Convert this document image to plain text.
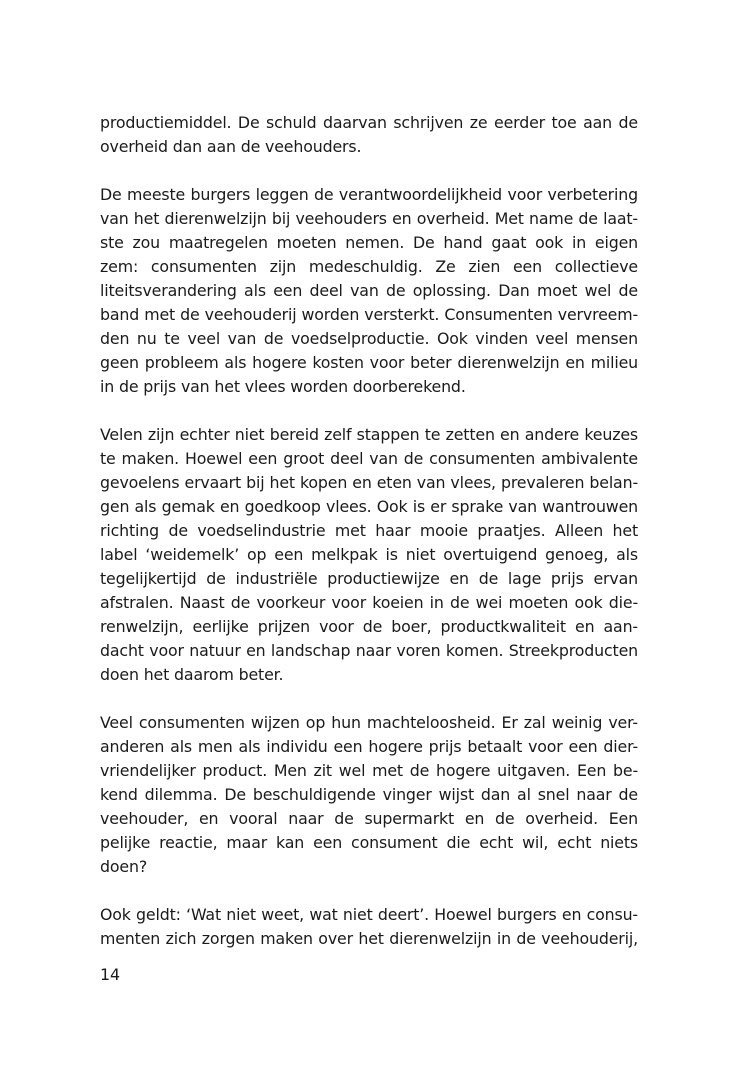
productiemiddel. De schuld daarvan schrijven ze eerder toe aan de
overheid dan aan de veehouders.

De meeste burgers leggen de verantwoordelijkheid voor verbetering
van het dierenwelzijn bij veehouders en overheid. Met name de laat-
ste zou maatregelen moeten nemen. De hand gaat ook in eigen
zem: consumenten zijn medeschuldig. Ze zien een collectieve
liteitsverandering als een deel van de oplossing. Dan moet wel de
band met de veehouderij worden versterkt. Consumenten vervreem-
den nu te veel van de voedselproductie. Ook vinden veel mensen
geen probleem als hogere kosten voor beter dierenwelzijn en milieu
in de prijs van het vlees worden doorberekend.

Velen zijn echter niet bereid zelf stappen te zetten en andere keuzes
te maken. Hoewel een groot deel van de consumenten ambivalente
gevoelens ervaart bij het kopen en eten van vlees, prevaleren belan-
gen als gemak en goedkoop vlees. Ook is er sprake van wantrouwen
richting de voedselindustrie met haar mooie praatjes. Alleen het
label ‘weidemelk’ op een melkpak is niet overtuigend genoeg, als
tegelijkertijd de industriële productiewijze en de lage prijs ervan
afstralen. Naast de voorkeur voor koeien in de wei moeten ook die-
renwelzijn, eerlijke prijzen voor de boer, productkwaliteit en aan-
dacht voor natuur en landschap naar voren komen. Streekproducten
doen het daarom beter.

Veel consumenten wijzen op hun machteloosheid. Er zal weinig ver-
anderen als men als individu een hogere prijs betaalt voor een dier-
vriendelijker product. Men zit wel met de hogere uitgaven. Een be-
kend dilemma. De beschuldigende vinger wijst dan al snel naar de
veehouder, en vooral naar de supermarkt en de overheid. Een
pelijke reactie, maar kan een consument die echt wil, echt niets
doen?

Ook geldt: ‘Wat niet weet, wat niet deert’. Hoewel burgers en consu-
menten zich zorgen maken over het dierenwelzijn in de veehouderij,

14
